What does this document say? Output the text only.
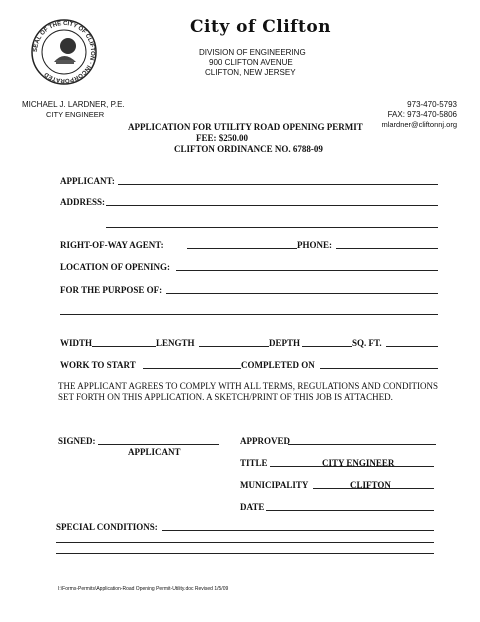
SEAL OF THE CITY OF CLIFTON · INCORPORATED
City of Clifton
DIVISION OF ENGINEERING
900 CLIFTON AVENUE
CLIFTON, NEW JERSEY
MICHAEL J. LARDNER, P.E.
CITY ENGINEER
973-470-5793
FAX: 973-470-5806
mlardner@cliftonnj.org
APPLICATION FOR UTILITY ROAD OPENING PERMIT
FEE: $250.00
CLIFTON ORDINANCE NO. 6788-09
APPLICANT:
ADDRESS:
RIGHT-OF-WAY AGENT:	PHONE:
LOCATION OF OPENING:
FOR THE PURPOSE OF:
WIDTH	LENGTH	DEPTH	SQ. FT.
WORK TO START	COMPLETED ON
THE APPLICANT AGREES TO COMPLY WITH ALL TERMS, REGULATIONS AND CONDITIONS SET FORTH ON THIS APPLICATION. A SKETCH/PRINT OF THIS JOB IS ATTACHED.
SIGNED:
APPLICANT
APPROVED
TITLE	CITY ENGINEER
MUNICIPALITY	CLIFTON
DATE
SPECIAL CONDITIONS:
I:\Forms-Permits\Application-Road Opening Permit-Utility.doc Revised 1/5/09
